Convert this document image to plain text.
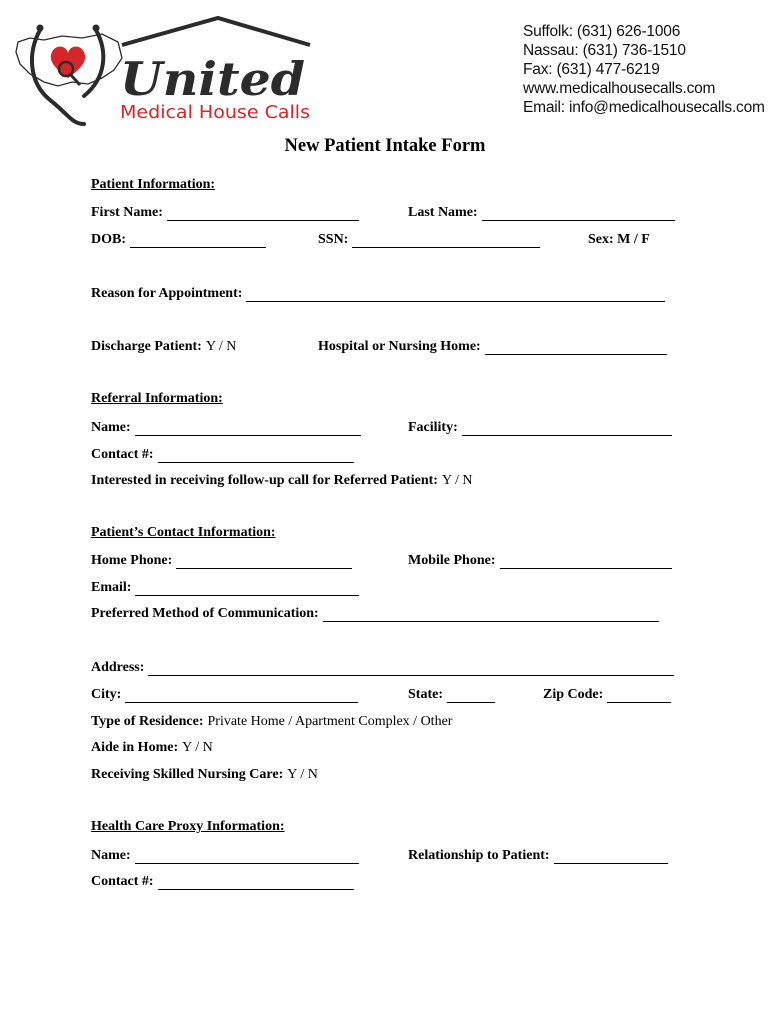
United
Medical House Calls
Suffolk: (631) 626-1006
Nassau: (631) 736-1510
Fax: (631) 477-6219
www.medicalhousecalls.com
Email: info@medicalhousecalls.com
New Patient Intake Form
Patient Information:
First Name:	Last Name:
DOB:	SSN:	Sex: M / F
Reason for Appointment:
Discharge Patient: Y / N	Hospital or Nursing Home:
Referral Information:
Name:	Facility:
Contact #:
Interested in receiving follow-up call for Referred Patient: Y / N
Patient’s Contact Information:
Home Phone:	Mobile Phone:
Email:
Preferred Method of Communication:
Address:
City:	State:	Zip Code:
Type of Residence: Private Home / Apartment Complex / Other
Aide in Home: Y / N
Receiving Skilled Nursing Care: Y / N
Health Care Proxy Information:
Name:	Relationship to Patient:
Contact #:
